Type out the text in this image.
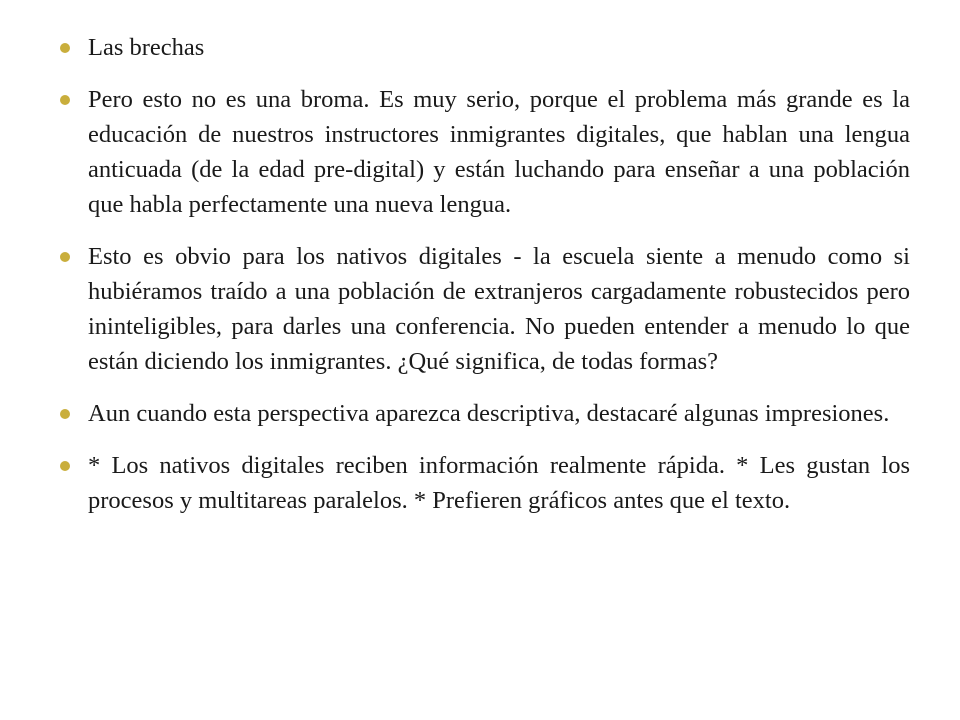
Las brechas
Pero esto no es una broma. Es muy serio, porque el problema más grande es la educación de nuestros instructores inmigrantes digitales, que hablan una lengua anticuada (de la edad pre-digital) y están luchando para enseñar a una población que habla perfectamente una nueva lengua.
Esto es obvio para los nativos digitales - la escuela siente a menudo como si hubiéramos traído a una población de extranjeros cargadamente robustecidos pero ininteligibles, para darles una conferencia. No pueden entender a menudo lo que están diciendo los inmigrantes. ¿Qué significa, de todas formas?
Aun cuando esta perspectiva aparezca descriptiva, destacaré algunas impresiones.
* Los nativos digitales reciben información realmente rápida. * Les gustan los procesos y multitareas paralelos. * Prefieren gráficos antes que el texto.
